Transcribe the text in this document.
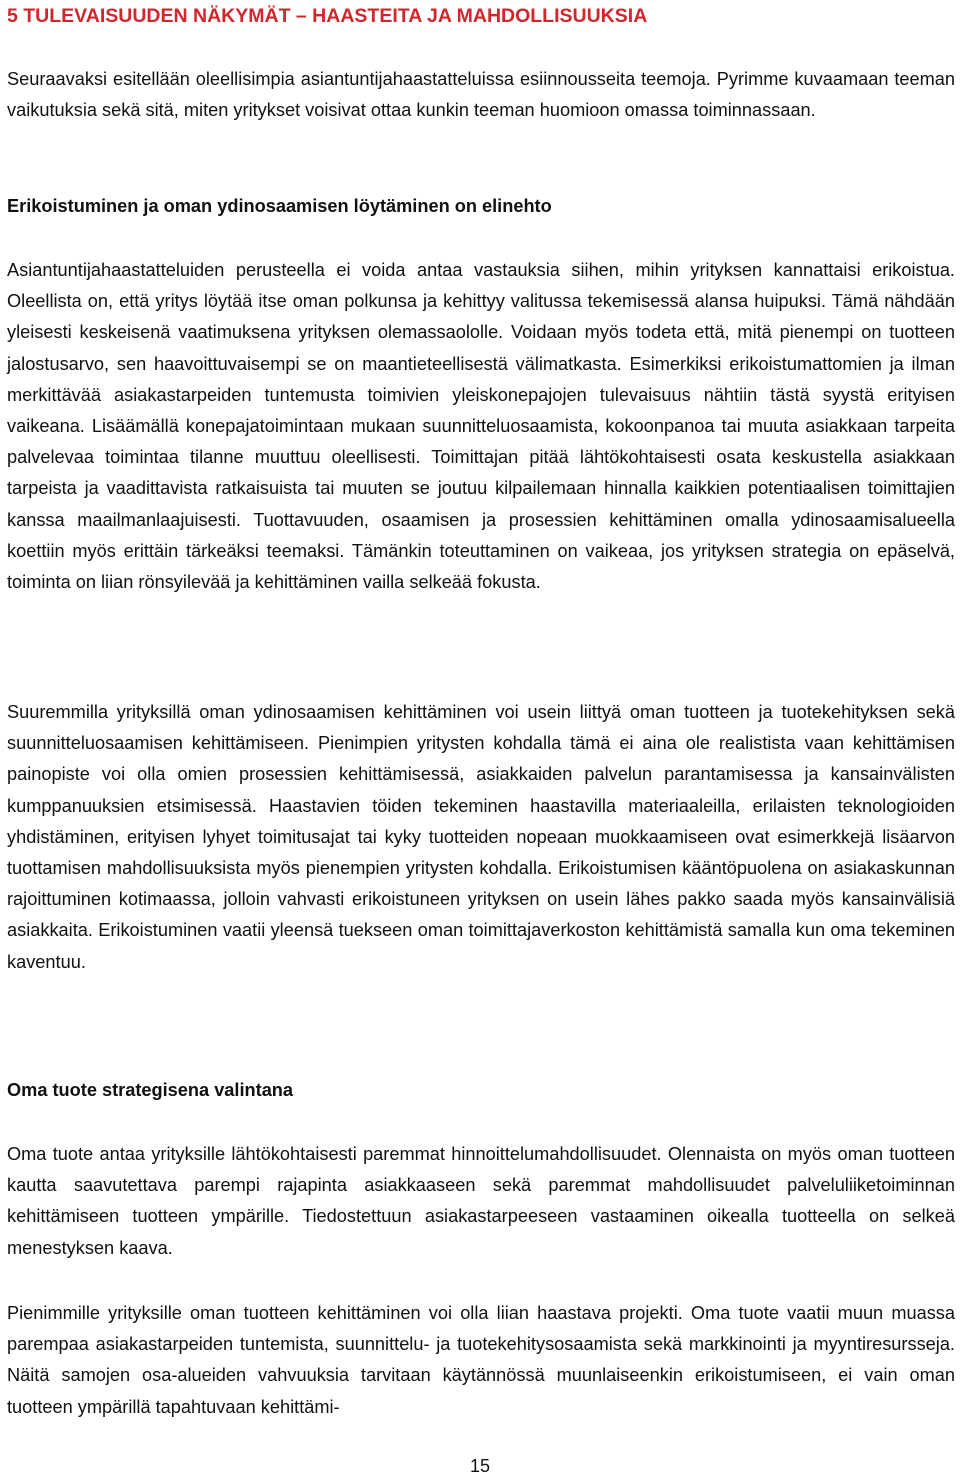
5 TULEVAISUUDEN NÄKYMÄT – HAASTEITA JA MAHDOLLISUUKSIA

Seuraavaksi esitellään oleellisimpia asiantuntijahaastatteluissa esiinnousseita teemoja. Pyrimme kuvaamaan teeman vaikutuksia sekä sitä, miten yritykset voisivat ottaa kunkin teeman huomioon omassa toiminnassaan.

Erikoistuminen ja oman ydinosaamisen löytäminen on elinehto

Asiantuntijahaastatteluiden perusteella ei voida antaa vastauksia siihen, mihin yrityksen kannattaisi erikoistua. Oleellista on, että yritys löytää itse oman polkunsa ja kehittyy valitussa tekemisessä alansa huipuksi. Tämä nähdään yleisesti keskeisenä vaatimuksena yrityksen olemassaololle. Voidaan myös todeta että, mitä pienempi on tuotteen jalostusarvo, sen haavoittuvaisempi se on maantieteellisestä välimatkasta. Esimerkiksi erikoistumattomien ja ilman merkittävää asiakastarpeiden tuntemusta toimivien yleiskonepajojen tulevaisuus nähtiin tästä syystä erityisen vaikeana. Lisäämällä konepajatoimintaan mukaan suunnitteluosaamista, kokoonpanoa tai muuta asiakkaan tarpeita palvelevaa toimintaa tilanne muuttuu oleellisesti. Toimittajan pitää lähtökohtaisesti osata keskustella asiakkaan tarpeista ja vaadittavista ratkaisuista tai muuten se joutuu kilpailemaan hinnalla kaikkien potentiaalisen toimittajien kanssa maailmanlaajuisesti. Tuottavuuden, osaamisen ja prosessien kehittäminen omalla ydinosaamisalueella koettiin myös erittäin tärkeäksi teemaksi. Tämänkin toteuttaminen on vaikeaa, jos yrityksen strategia on epäselvä, toiminta on liian rönsyilevää ja kehittäminen vailla selkeää fokusta.

Suuremmilla yrityksillä oman ydinosaamisen kehittäminen voi usein liittyä oman tuotteen ja tuotekehityksen sekä suunnitteluosaamisen kehittämiseen. Pienimpien yritysten kohdalla tämä ei aina ole realistista vaan kehittämisen painopiste voi olla omien prosessien kehittämisessä, asiakkaiden palvelun parantamisessa ja kansainvälisten kumppanuuksien etsimisessä. Haastavien töiden tekeminen haastavilla materiaaleilla, erilaisten teknologioiden yhdistäminen, erityisen lyhyet toimitusajat tai kyky tuotteiden nopeaan muokkaamiseen ovat esimerkkejä lisäarvon tuottamisen mahdollisuuksista myös pienempien yritysten kohdalla. Erikoistumisen kääntöpuolena on asiakaskunnan rajoittuminen kotimaassa, jolloin vahvasti erikoistuneen yrityksen on usein lähes pakko saada myös kansainvälisiä asiakkaita. Erikoistuminen vaatii yleensä tuekseen oman toimittajaverkoston kehittämistä samalla kun oma tekeminen kaventuu.

Oma tuote strategisena valintana

Oma tuote antaa yrityksille lähtökohtaisesti paremmat hinnoittelumahdollisuudet. Olennaista on myös oman tuotteen kautta saavutettava parempi rajapinta asiakkaaseen sekä paremmat mahdollisuudet palveluliiketoiminnan kehittämiseen tuotteen ympärille. Tiedostettuun asiakastarpeeseen vastaaminen oikealla tuotteella on selkeä menestyksen kaava.

Pienimmille yrityksille oman tuotteen kehittäminen voi olla liian haastava projekti. Oma tuote vaatii muun muassa parempaa asiakastarpeiden tuntemista, suunnittelu- ja tuotekehitysosaamista sekä markkinointi ja myyntiresursseja. Näitä samojen osa-alueiden vahvuuksia tarvitaan käytännössä muunlaiseenkin erikoistumiseen, ei vain oman tuotteen ympärillä tapahtuvaan kehittämi-

15
